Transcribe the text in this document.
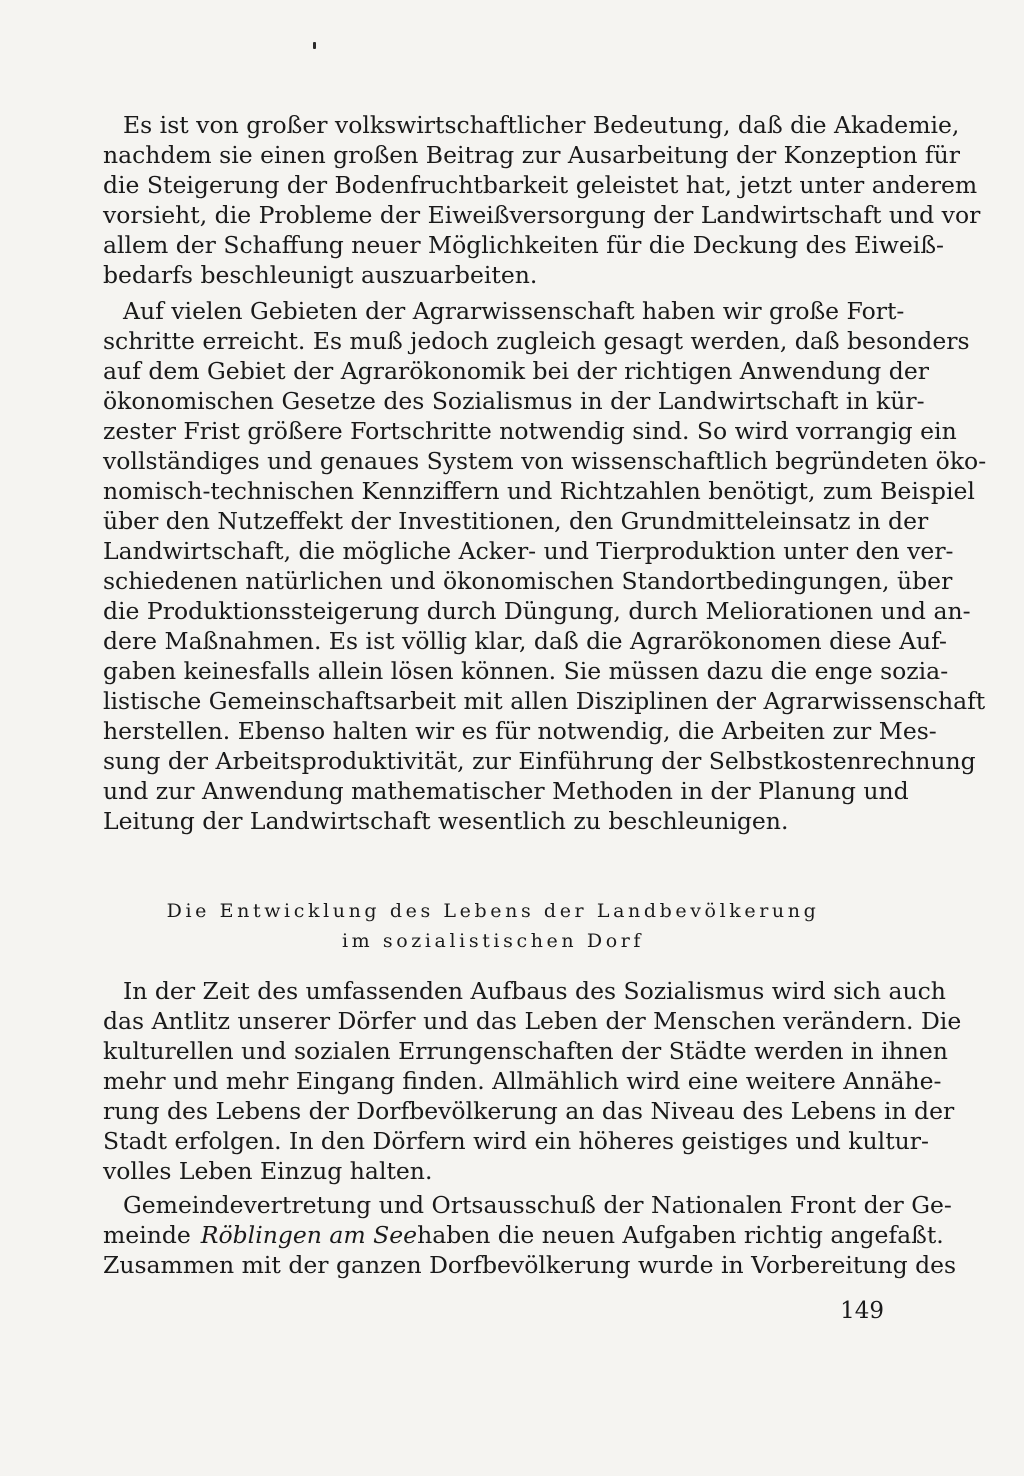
Es ist von großer volkswirtschaftlicher Bedeutung, daß die Akademie,
nachdem sie einen großen Beitrag zur Ausarbeitung der Konzeption für
die Steigerung der Bodenfruchtbarkeit geleistet hat, jetzt unter anderem
vorsieht, die Probleme der Eiweißversorgung der Landwirtschaft und vor
allem der Schaffung neuer Möglichkeiten für die Deckung des Eiweiß-
bedarfs beschleunigt auszuarbeiten.
Auf vielen Gebieten der Agrarwissenschaft haben wir große Fort-
schritte erreicht. Es muß jedoch zugleich gesagt werden, daß besonders
auf dem Gebiet der Agrarökonomik bei der richtigen Anwendung der
ökonomischen Gesetze des Sozialismus in der Landwirtschaft in kür-
zester Frist größere Fortschritte notwendig sind. So wird vorrangig ein
vollständiges und genaues System von wissenschaftlich begründeten öko-
nomisch-technischen Kennziffern und Richtzahlen benötigt, zum Beispiel
über den Nutzeffekt der Investitionen, den Grundmitteleinsatz in der
Landwirtschaft, die mögliche Acker- und Tierproduktion unter den ver-
schiedenen natürlichen und ökonomischen Standortbedingungen, über
die Produktionssteigerung durch Düngung, durch Meliorationen und an-
dere Maßnahmen. Es ist völlig klar, daß die Agrarökonomen diese Auf-
gaben keinesfalls allein lösen können. Sie müssen dazu die enge sozia-
listische Gemeinschaftsarbeit mit allen Disziplinen der Agrarwissenschaft
herstellen. Ebenso halten wir es für notwendig, die Arbeiten zur Mes-
sung der Arbeitsproduktivität, zur Einführung der Selbstkostenrechnung
und zur Anwendung mathematischer Methoden in der Planung und
Leitung der Landwirtschaft wesentlich zu beschleunigen.
Die Entwicklung des Lebens der Landbevölkerung
im sozialistischen Dorf
In der Zeit des umfassenden Aufbaus des Sozialismus wird sich auch
das Antlitz unserer Dörfer und das Leben der Menschen verändern. Die
kulturellen und sozialen Errungenschaften der Städte werden in ihnen
mehr und mehr Eingang finden. Allmählich wird eine weitere Annähe-
rung des Lebens der Dorfbevölkerung an das Niveau des Lebens in der
Stadt erfolgen. In den Dörfern wird ein höheres geistiges und kultur-
volles Leben Einzug halten.
Gemeindevertretung und Ortsausschuß der Nationalen Front der Ge-
meinde Röblingen am See haben die neuen Aufgaben richtig angefaßt.
Zusammen mit der ganzen Dorfbevölkerung wurde in Vorbereitung des
149
